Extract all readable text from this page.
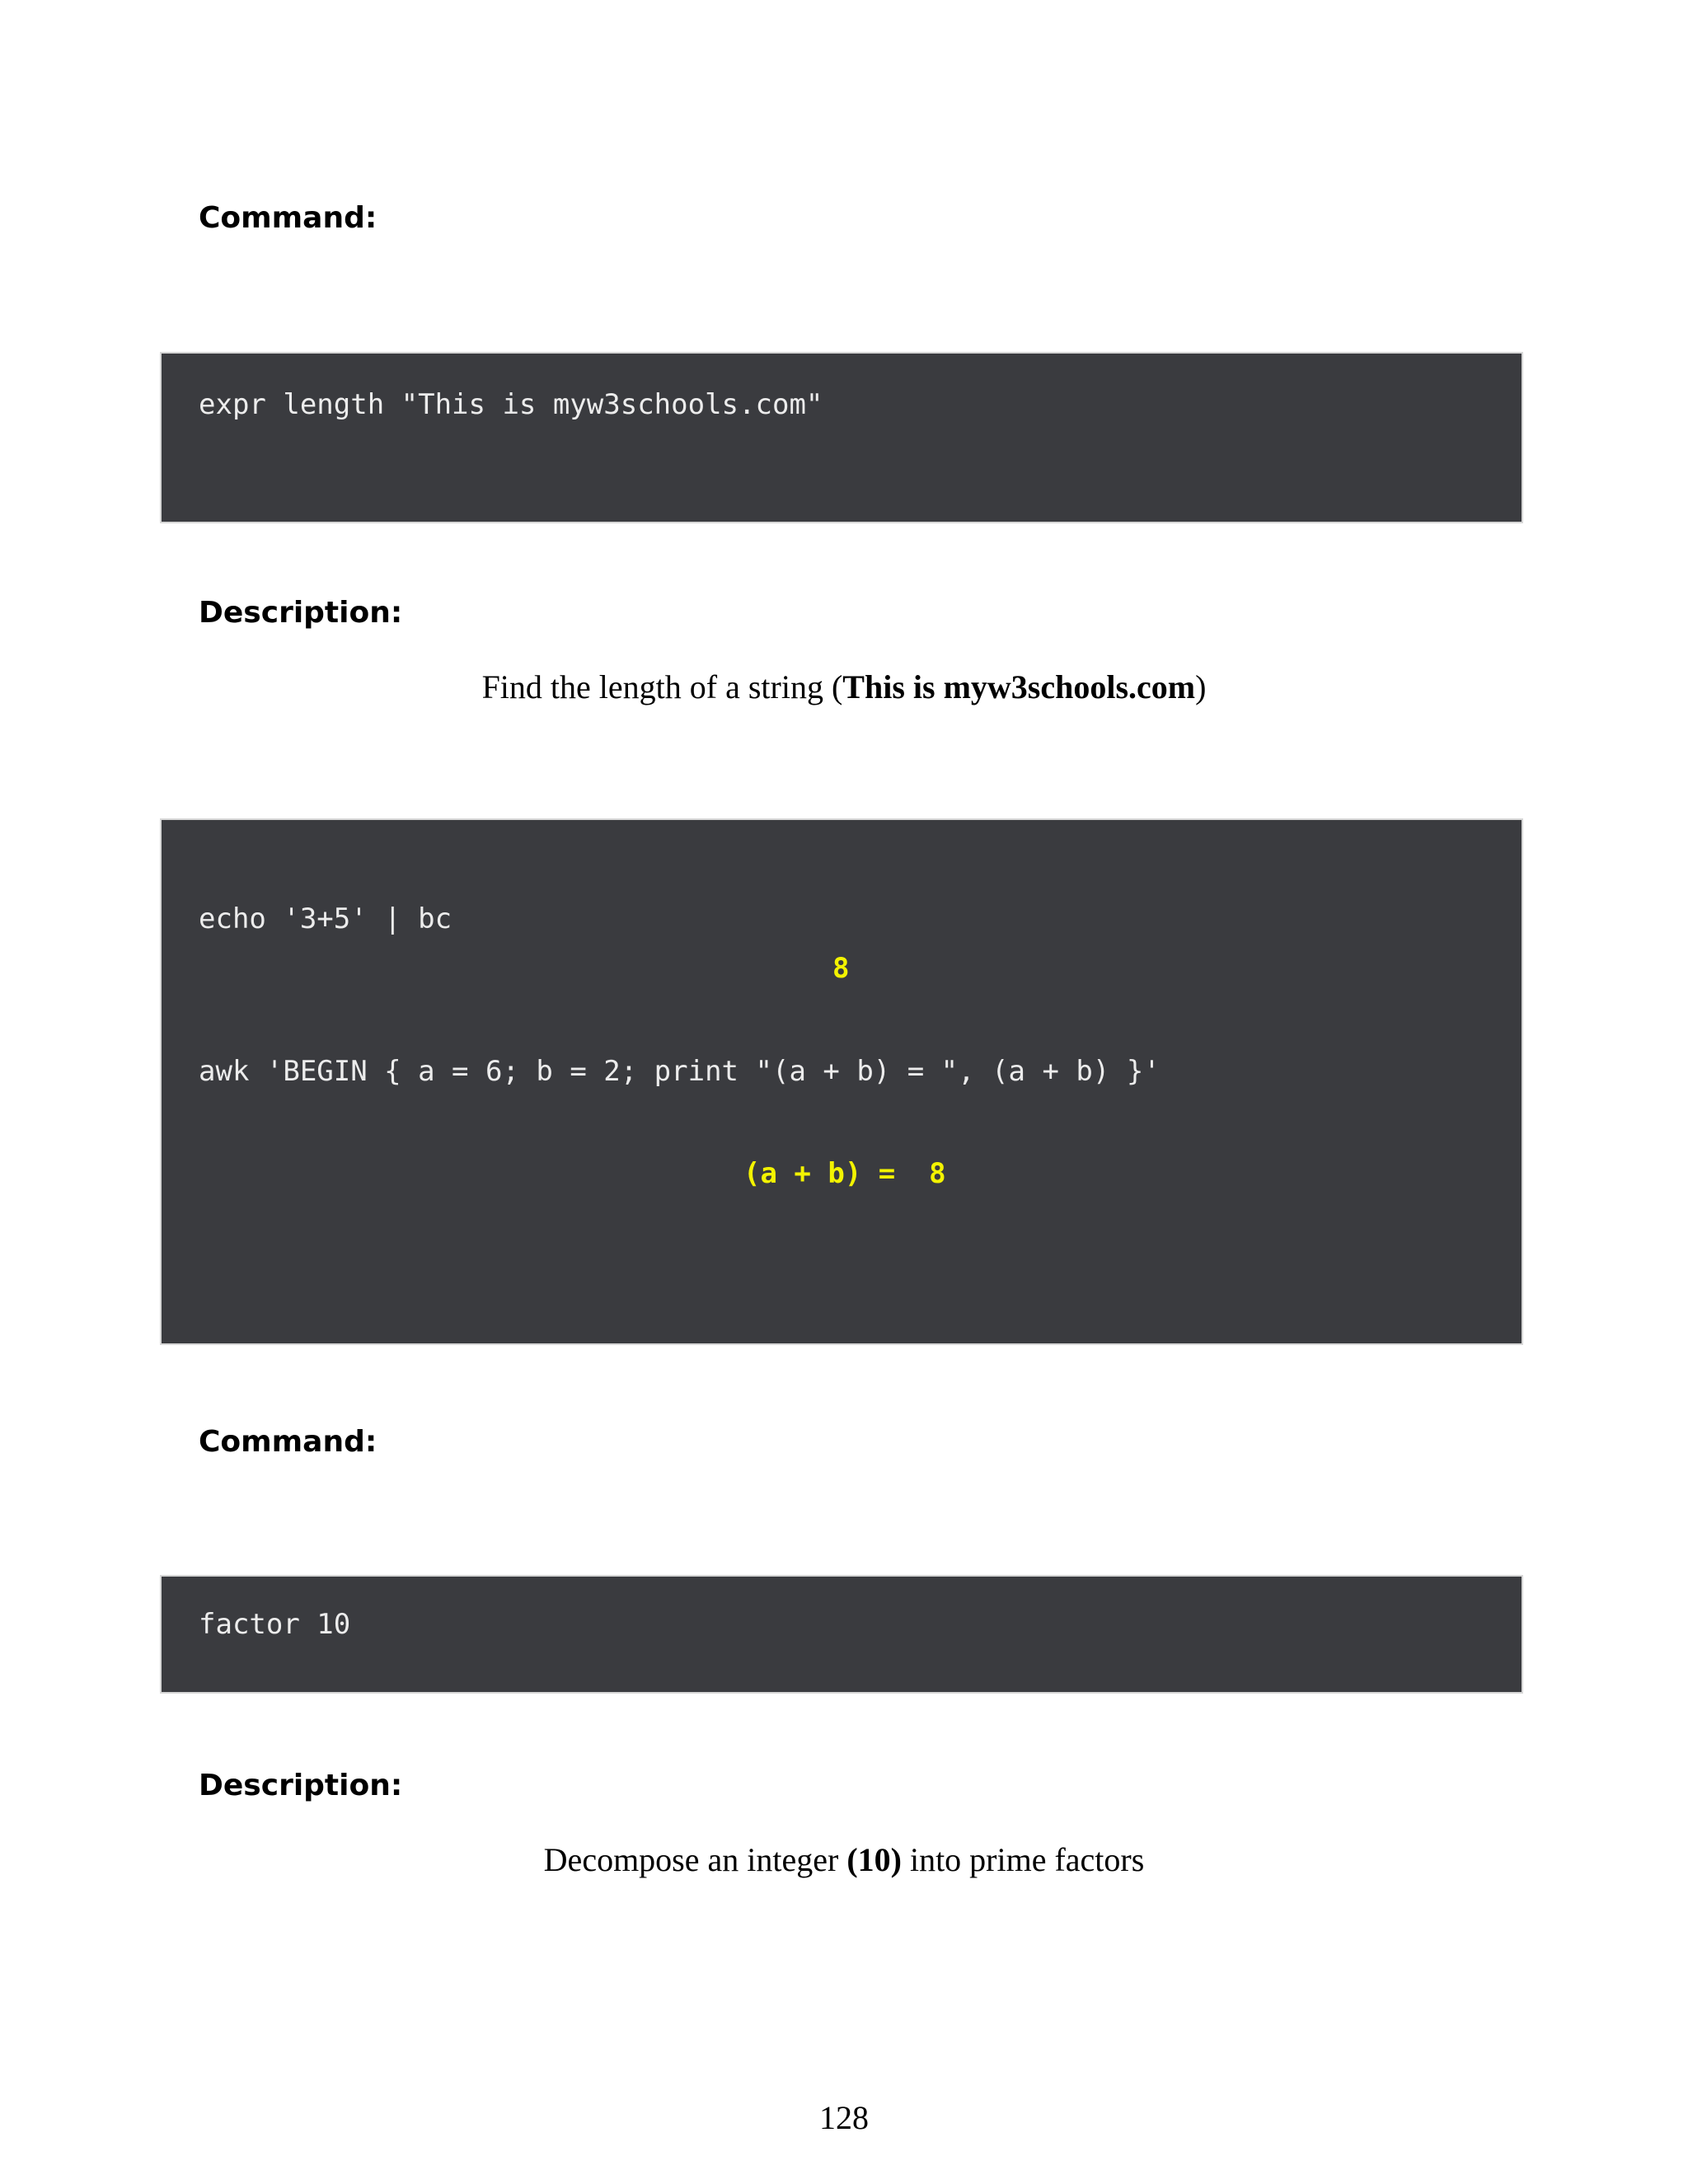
Command:
expr length "This is myw3schools.com"
Description:

Find the length of a string (This is myw3schools.com)

echo '3+5' | bc
8
awk 'BEGIN { a = 6; b = 2; print "(a + b) = ", (a + b) }'
(a + b) =  8
Command:
factor 10
Description:

Decompose an integer (10) into prime factors

128
